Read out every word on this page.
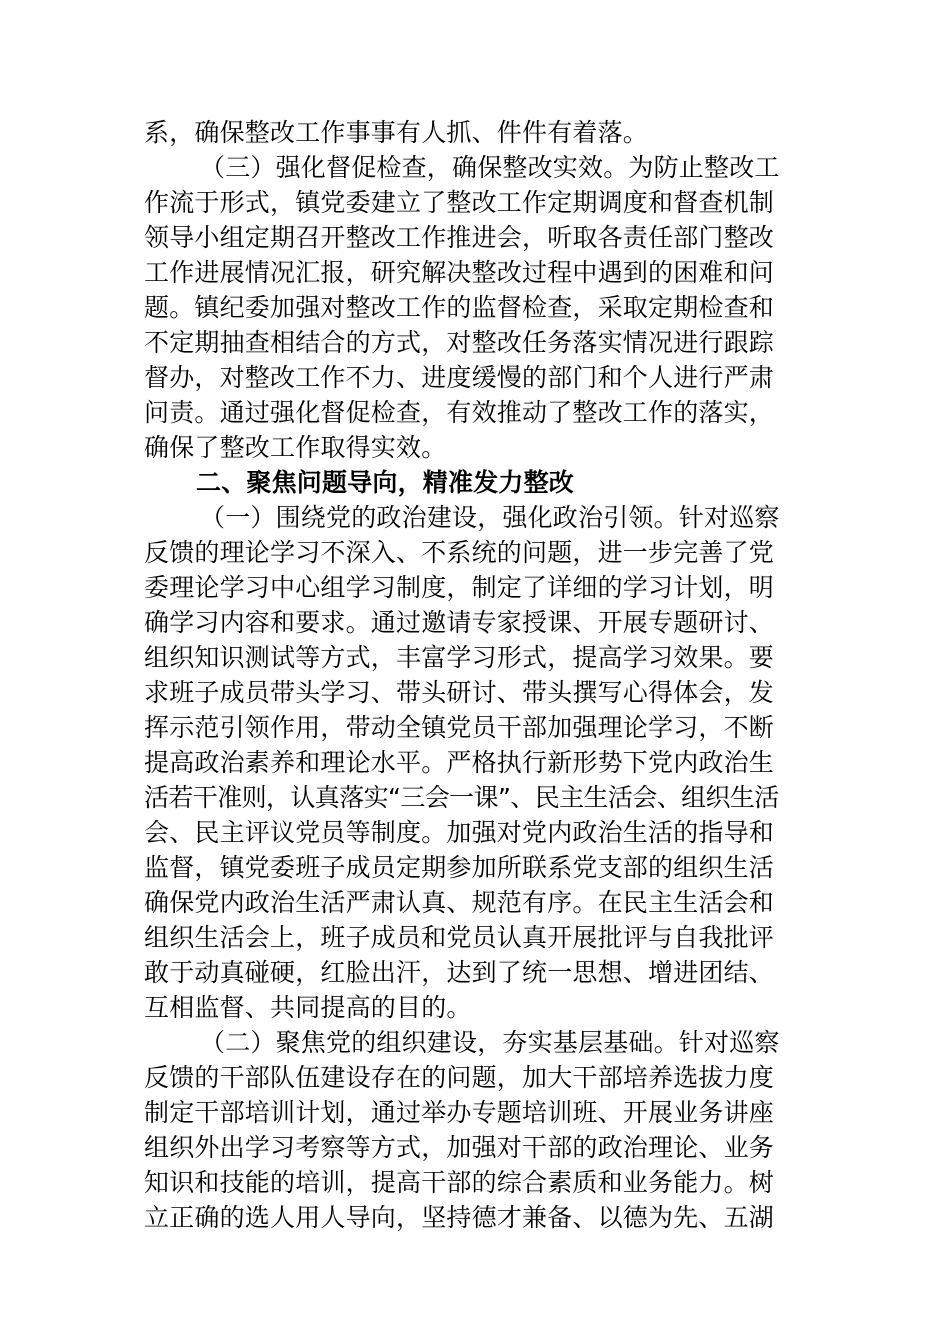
系，确保整改工作事事有人抓、件件有着落。
（三）强化督促检查，确保整改实效。为防止整改工
作流于形式，镇党委建立了整改工作定期调度和督查机制
领导小组定期召开整改工作推进会，听取各责任部门整改
工作进展情况汇报，研究解决整改过程中遇到的困难和问
题。镇纪委加强对整改工作的监督检查，采取定期检查和
不定期抽查相结合的方式，对整改任务落实情况进行跟踪
督办，对整改工作不力、进度缓慢的部门和个人进行严肃
问责。通过强化督促检查，有效推动了整改工作的落实，
确保了整改工作取得实效。
二、聚焦问题导向，精准发力整改
（一）围绕党的政治建设，强化政治引领。针对巡察
反馈的理论学习不深入、不系统的问题，进一步完善了党
委理论学习中心组学习制度，制定了详细的学习计划，明
确学习内容和要求。通过邀请专家授课、开展专题研讨、
组织知识测试等方式，丰富学习形式，提高学习效果。要
求班子成员带头学习、带头研讨、带头撰写心得体会，发
挥示范引领作用，带动全镇党员干部加强理论学习，不断
提高政治素养和理论水平。严格执行新形势下党内政治生
活若干准则，认真落实“三会一课”、民主生活会、组织生活
会、民主评议党员等制度。加强对党内政治生活的指导和
监督，镇党委班子成员定期参加所联系党支部的组织生活
确保党内政治生活严肃认真、规范有序。在民主生活会和
组织生活会上，班子成员和党员认真开展批评与自我批评
敢于动真碰硬，红脸出汗，达到了统一思想、增进团结、
互相监督、共同提高的目的。
（二）聚焦党的组织建设，夯实基层基础。针对巡察
反馈的干部队伍建设存在的问题，加大干部培养选拔力度
制定干部培训计划，通过举办专题培训班、开展业务讲座
组织外出学习考察等方式，加强对干部的政治理论、业务
知识和技能的培训，提高干部的综合素质和业务能力。树
立正确的选人用人导向，坚持德才兼备、以德为先、五湖
